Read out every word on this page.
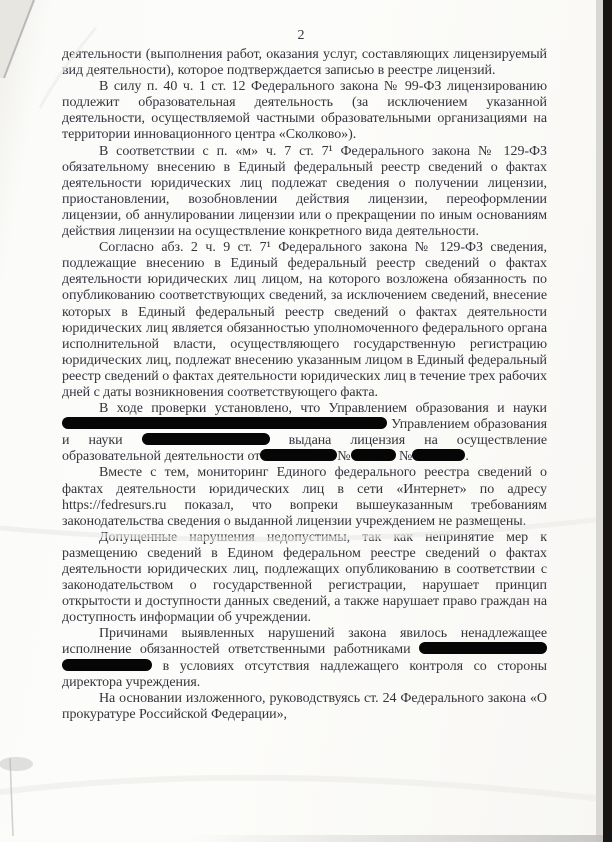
2

деятельности (выполнения работ, оказания услуг, составляющих лицензируемый вид деятельности), которое подтверждается записью в реестре лицензий.

В силу п. 40 ч. 1 ст. 12 Федерального закона № 99-ФЗ лицензированию подлежит образовательная деятельность (за исключением указанной деятельности, осуществляемой частными образовательными организациями на территории инновационного центра «Сколково»).

В соответствии с п. «м» ч. 7 ст. 7¹ Федерального закона № 129-ФЗ обязательному внесению в Единый федеральный реестр сведений о фактах деятельности юридических лиц подлежат сведения о получении лицензии, приостановлении, возобновлении действия лицензии, переоформлении лицензии, об аннулировании лицензии или о прекращении по иным основаниям действия лицензии на осуществление конкретного вида деятельности.

Согласно абз. 2 ч. 9 ст. 7¹ Федерального закона № 129-ФЗ сведения, подлежащие внесению в Единый федеральный реестр сведений о фактах деятельности юридических лиц лицом, на которого возложена обязанность по опубликованию соответствующих сведений, за исключением сведений, внесение которых в Единый федеральный реестр сведений о фактах деятельности юридических лиц является обязанностью уполномоченного федерального органа исполнительной власти, осуществляющего государственную регистрацию юридических лиц, подлежат внесению указанным лицом в Единый федеральный реестр сведений о фактах деятельности юридических лиц в течение трех рабочих дней с даты возникновения соответствующего факта.

В ходе проверки установлено, что Управлением образования и науки  Управлением образования и науки	выдана лицензия на осуществление образовательной деятельности от	№	№	.

Вместе с тем, мониторинг Единого федерального реестра сведений о фактах деятельности юридических лиц в сети «Интернет» по адресу https://fedresurs.ru показал, что вопреки вышеуказанным требованиям законодательства сведения о выданной лицензии учреждением не размещены.

Допущенные нарушения недопустимы, так как непринятие мер к размещению сведений в Едином федеральном реестре сведений о фактах деятельности юридических лиц, подлежащих опубликованию в соответствии с законодательством о государственной регистрации, нарушает принцип открытости и доступности данных сведений, а также нарушает право граждан на доступность информации об учреждении.

Причинами выявленных нарушений закона явилось ненадлежащее исполнение обязанностей ответственными работниками   в условиях отсутствия надлежащего контроля со стороны директора учреждения.

На основании изложенного, руководствуясь ст. 24 Федерального закона «О прокуратуре Российской Федерации»,
